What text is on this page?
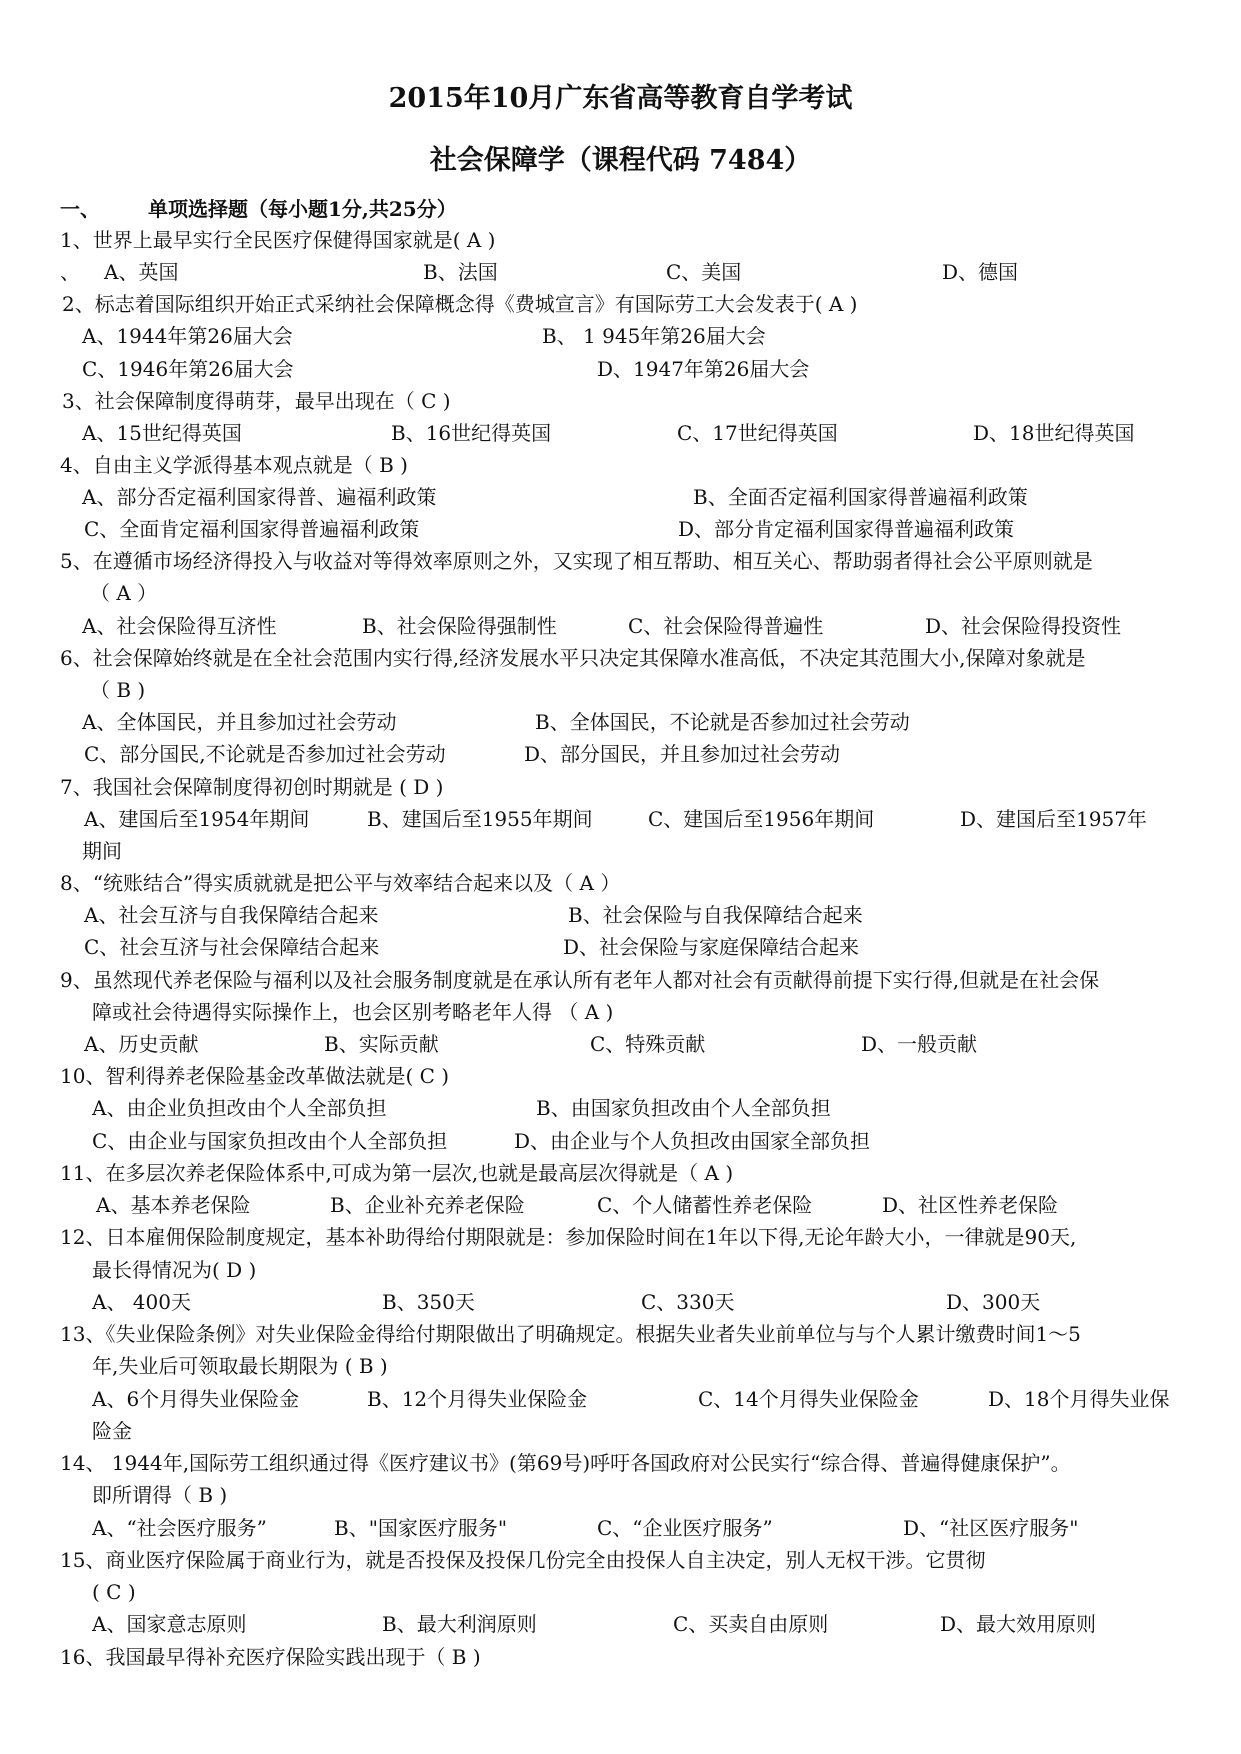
2015年10月广东省高等教育自学考试
社会保障学（课程代码 7484）
一、 单项选择题（每小题1分,共25分）
1、世界上最早实行全民医疗保健得国家就是( A )
、 A、英国	B、法国	C、美国	D、德国
2、标志着国际组织开始正式采纳社会保障概念得《费城宣言》有国际劳工大会发表于( A )
A、1944年第26届大会	B、 1 945年第26届大会
C、1946年第26届大会	D、1947年第26届大会
3、社会保障制度得萌芽，最早出现在（ C )
A、15世纪得英国	B、16世纪得英国	C、17世纪得英国	D、18世纪得英国
4、自由主义学派得基本观点就是（ B )
A、部分否定福利国家得普、遍福利政策	B、全面否定福利国家得普遍福利政策
C、全面肯定福利国家得普遍福利政策	D、部分肯定福利国家得普遍福利政策
5、在遵循市场经济得投入与收益对等得效率原则之外，又实现了相互帮助、相互关心、帮助弱者得社会公平原则就是
（ A ）
A、社会保险得互济性	B、社会保险得强制性	C、社会保险得普遍性	D、社会保险得投资性
6、社会保障始终就是在全社会范围内实行得,经济发展水平只决定其保障水准高低，不决定其范围大小,保障对象就是
（ B )
A、全体国民，并且参加过社会劳动	B、全体国民，不论就是否参加过社会劳动
C、部分国民,不论就是否参加过社会劳动	D、部分国民，并且参加过社会劳动
7、我国社会保障制度得初创时期就是 ( D )
A、建国后至1954年期间	B、建国后至1955年期间	C、建国后至1956年期间	D、建国后至1957年
期间
8、“统账结合”得实质就就是把公平与效率结合起来以及（ A ）
A、社会互济与自我保障结合起来	B、社会保险与自我保障结合起来
C、社会互济与社会保障结合起来	D、社会保险与家庭保障结合起来
9、虽然现代养老保险与福利以及社会服务制度就是在承认所有老年人都对社会有贡献得前提下实行得,但就是在社会保
障或社会待遇得实际操作上，也会区别考略老年人得 （ A )
A、历史贡献	B、实际贡献	C、特殊贡献	D、一般贡献
10、智利得养老保险基金改革做法就是( C )
A、由企业负担改由个人全部负担	B、由国家负担改由个人全部负担
C、由企业与国家负担改由个人全部负担	D、由企业与个人负担改由国家全部负担
11、在多层次养老保险体系中,可成为第一层次,也就是最高层次得就是（ A )
A、基本养老保险	B、企业补充养老保险	C、个人储蓄性养老保险	D、社区性养老保险
12、日本雇佣保险制度规定，基本补助得给付期限就是：参加保险时间在1年以下得,无论年龄大小，一律就是90天,
最长得情况为( D )
A、 400天	B、350天	C、330天	D、300天
13、《失业保险条例》对失业保险金得给付期限做出了明确规定。根据失业者失业前单位与与个人累计缴费时间1～5
年,失业后可领取最长期限为 ( B )
A、6个月得失业保险金	B、12个月得失业保险金	C、14个月得失业保险金	D、18个月得失业保
险金
14、 1944年,国际劳工组织通过得《医疗建议书》(第69号)呼吁各国政府对公民实行“综合得、普遍得健康保护”。
即所谓得（ B )
A、“社会医疗服务”	B、"国家医疗服务"	C、“企业医疗服务”	D、“社区医疗服务"
15、商业医疗保险属于商业行为，就是否投保及投保几份完全由投保人自主决定，别人无权干涉。它贯彻
( C )
A、国家意志原则	B、最大利润原则	C、买卖自由原则	D、最大效用原则
16、我国最早得补充医疗保险实践出现于（ B )
